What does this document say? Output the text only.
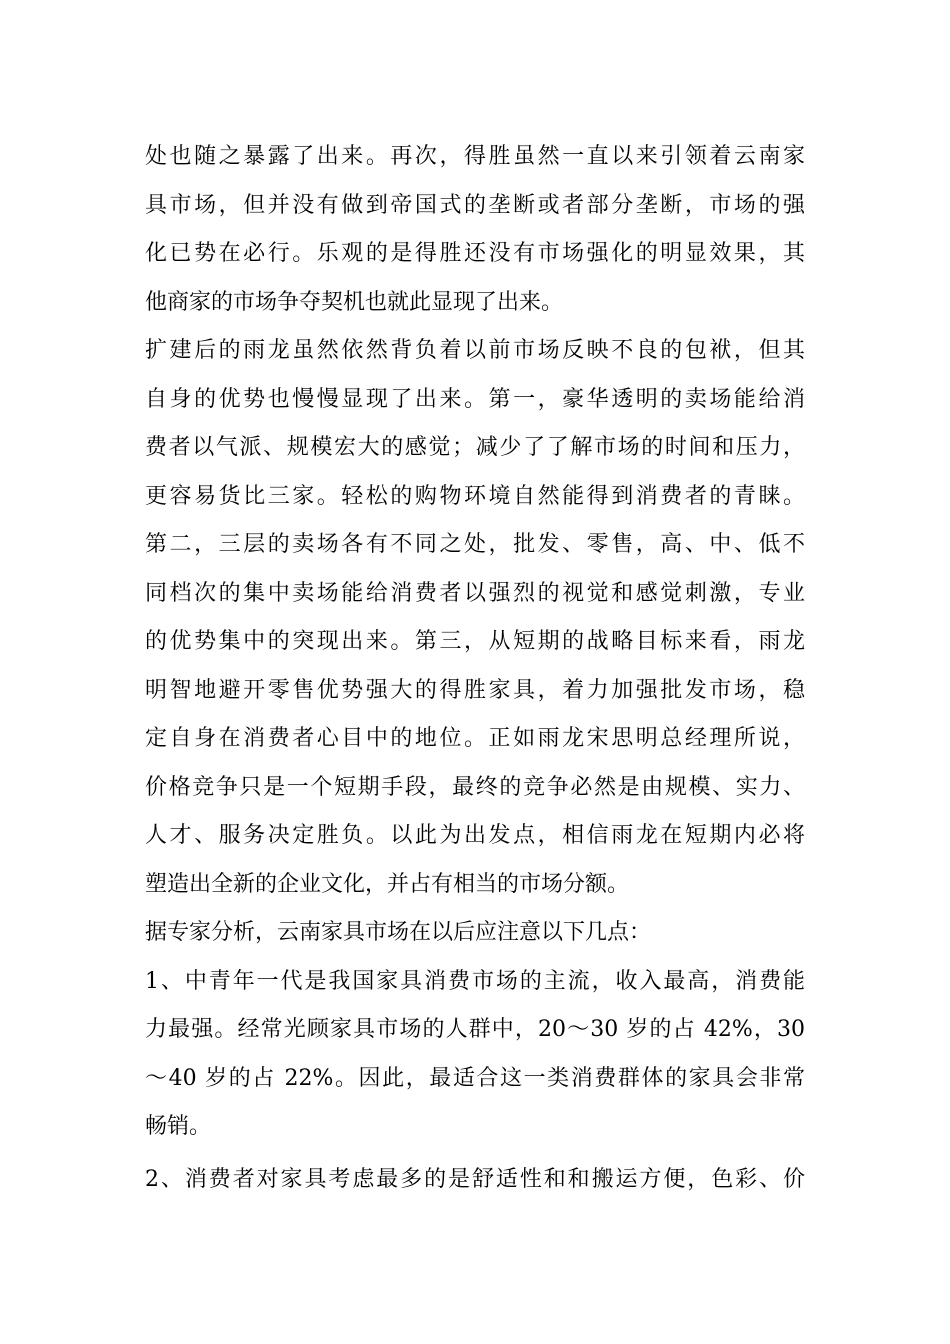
处也随之暴露了出来。再次，得胜虽然一直以来引领着云南家
具市场，但并没有做到帝国式的垄断或者部分垄断，市场的强
化已势在必行。乐观的是得胜还没有市场强化的明显效果，其
他商家的市场争夺契机也就此显现了出来。
扩建后的雨龙虽然依然背负着以前市场反映不良的包袱，但其
自身的优势也慢慢显现了出来。第一，豪华透明的卖场能给消
费者以气派、规模宏大的感觉；减少了了解市场的时间和压力，
更容易货比三家。轻松的购物环境自然能得到消费者的青睐。
第二，三层的卖场各有不同之处，批发、零售，高、中、低不
同档次的集中卖场能给消费者以强烈的视觉和感觉刺激，专业
的优势集中的突现出来。第三，从短期的战略目标来看，雨龙
明智地避开零售优势强大的得胜家具，着力加强批发市场，稳
定自身在消费者心目中的地位。正如雨龙宋思明总经理所说，
价格竞争只是一个短期手段，最终的竞争必然是由规模、实力、
人才、服务决定胜负。以此为出发点，相信雨龙在短期内必将
塑造出全新的企业文化，并占有相当的市场分额。
据专家分析，云南家具市场在以后应注意以下几点：
1、中青年一代是我国家具消费市场的主流，收入最高，消费能
力最强。经常光顾家具市场的人群中，20～30 岁的占 42%，30
～40 岁的占 22%。因此，最适合这一类消费群体的家具会非常
畅销。
2、消费者对家具考虑最多的是舒适性和和搬运方便，色彩、价
